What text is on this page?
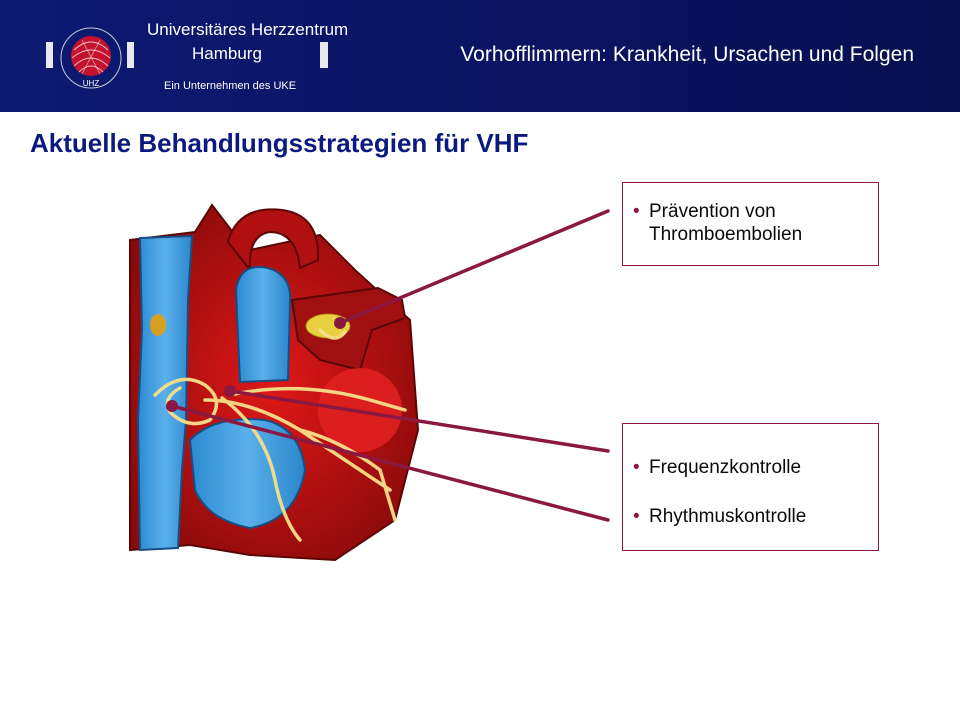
UHZ
Universitäres Herzzentrum
Hamburg
Ein Unternehmen des UKE
Vorhofflimmern: Krankheit, Ursachen und Folgen
Aktuelle Behandlungsstrategien für VHF
• Prävention von Thromboembolien
• Frequenzkontrolle
• Rhythmuskontrolle
